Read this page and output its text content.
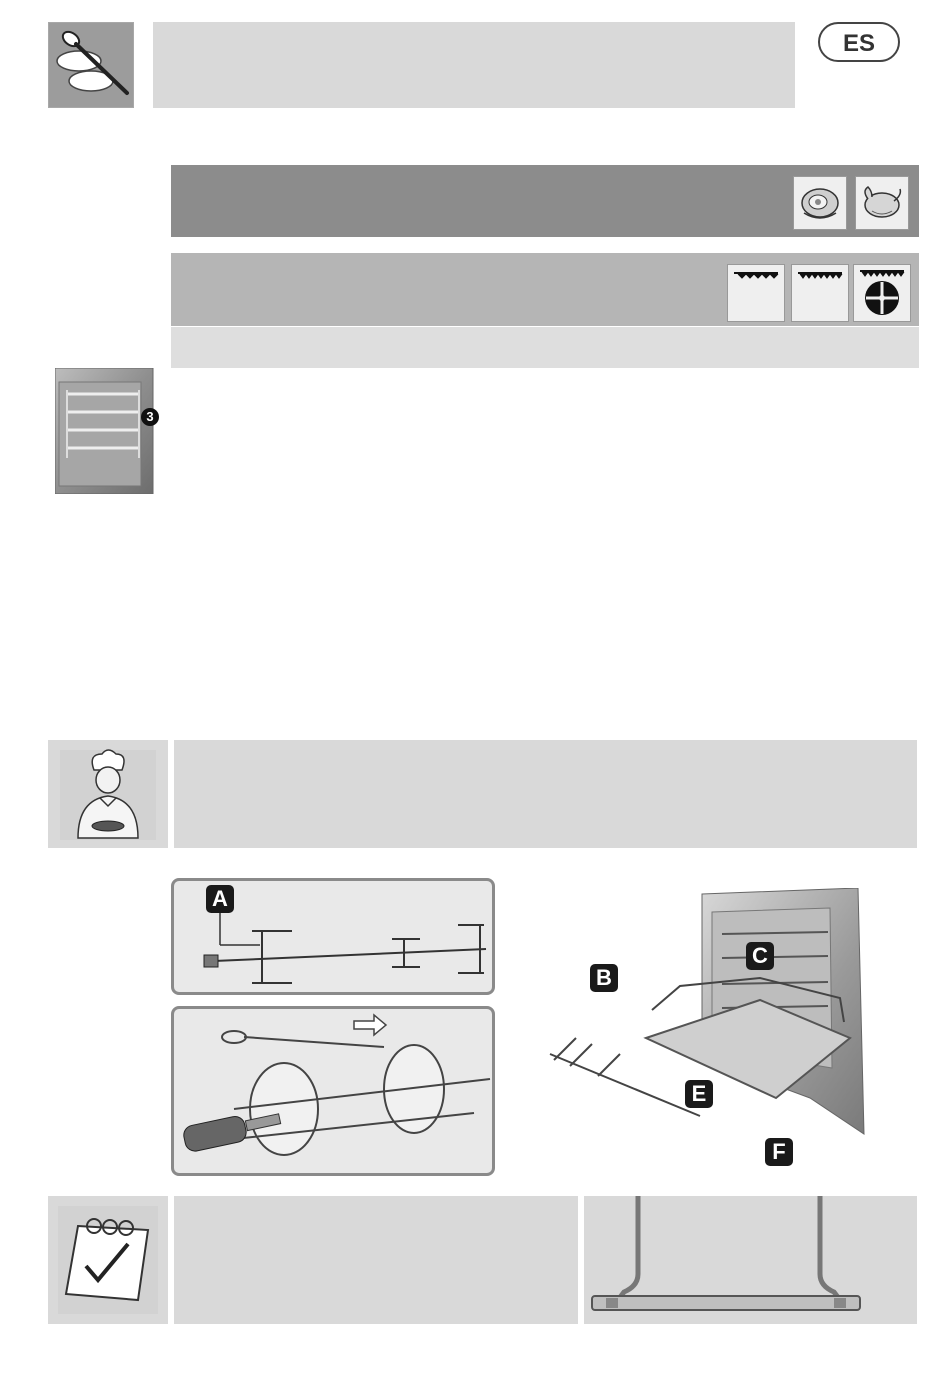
ES
3
A
B
C
E
F
